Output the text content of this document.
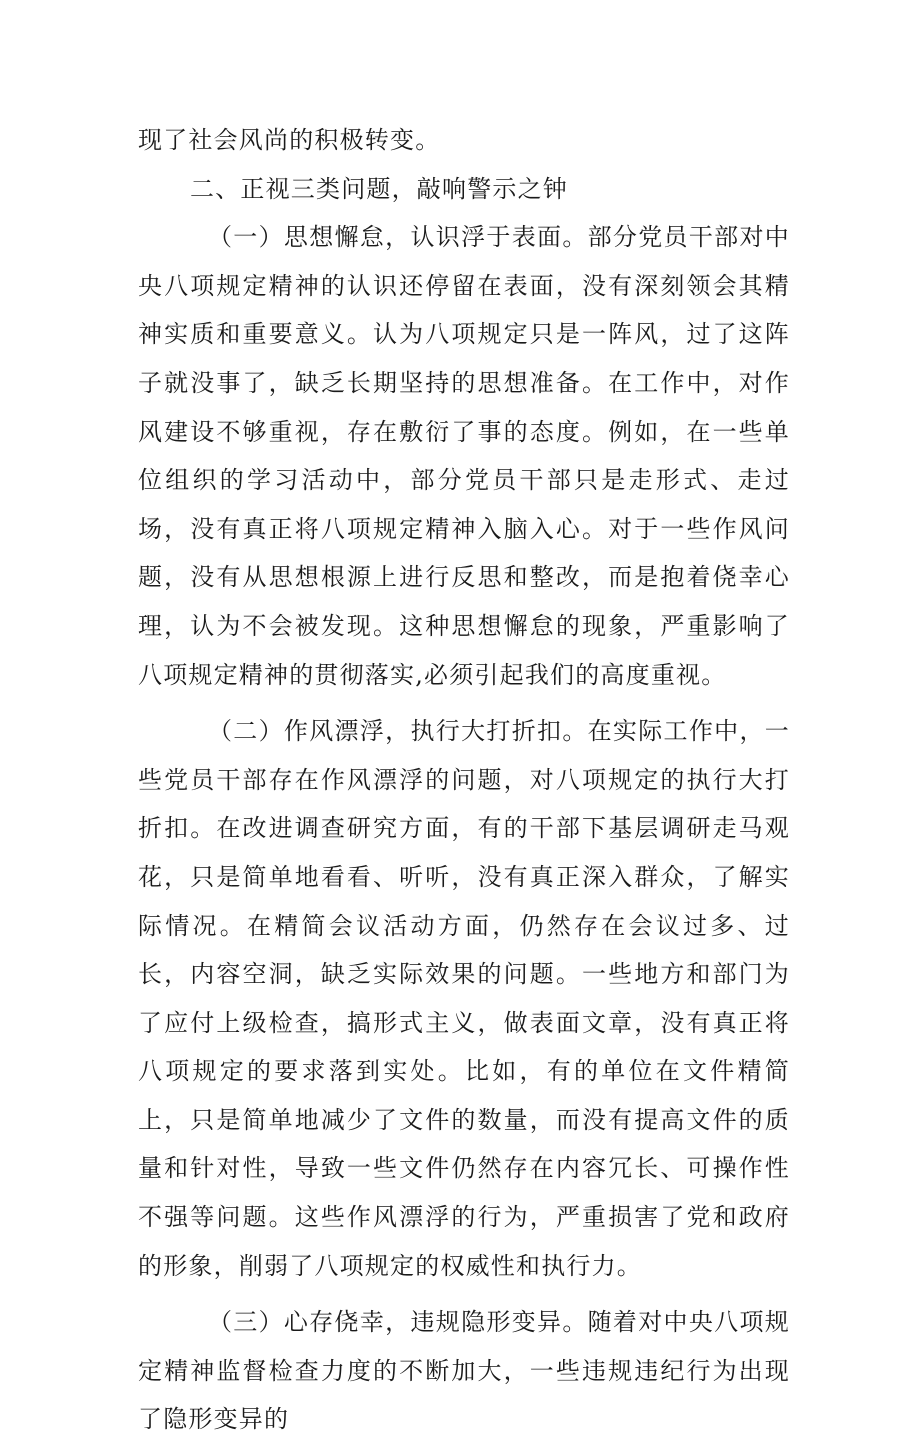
现了社会风尚的积极转变。

二、正视三类问题，敲响警示之钟

（一）思想懈怠，认识浮于表面。部分党员干部对中央八项规定精神的认识还停留在表面，没有深刻领会其精神实质和重要意义。认为八项规定只是一阵风，过了这阵子就没事了，缺乏长期坚持的思想准备。在工作中，对作风建设不够重视，存在敷衍了事的态度。例如，在一些单位组织的学习活动中，部分党员干部只是走形式、走过场，没有真正将八项规定精神入脑入心。对于一些作风问题，没有从思想根源上进行反思和整改，而是抱着侥幸心理，认为不会被发现。这种思想懈怠的现象，严重影响了八项规定精神的贯彻落实,必须引起我们的高度重视。

（二）作风漂浮，执行大打折扣。在实际工作中，一些党员干部存在作风漂浮的问题，对八项规定的执行大打折扣。在改进调查研究方面，有的干部下基层调研走马观花，只是简单地看看、听听，没有真正深入群众，了解实际情况。在精简会议活动方面，仍然存在会议过多、过长，内容空洞，缺乏实际效果的问题。一些地方和部门为了应付上级检查，搞形式主义，做表面文章，没有真正将八项规定的要求落到实处。比如，有的单位在文件精简上，只是简单地减少了文件的数量，而没有提高文件的质量和针对性，导致一些文件仍然存在内容冗长、可操作性不强等问题。这些作风漂浮的行为，严重损害了党和政府的形象，削弱了八项规定的权威性和执行力。

（三）心存侥幸，违规隐形变异。随着对中央八项规定精神监督检查力度的不断加大，一些违规违纪行为出现了隐形变异的
